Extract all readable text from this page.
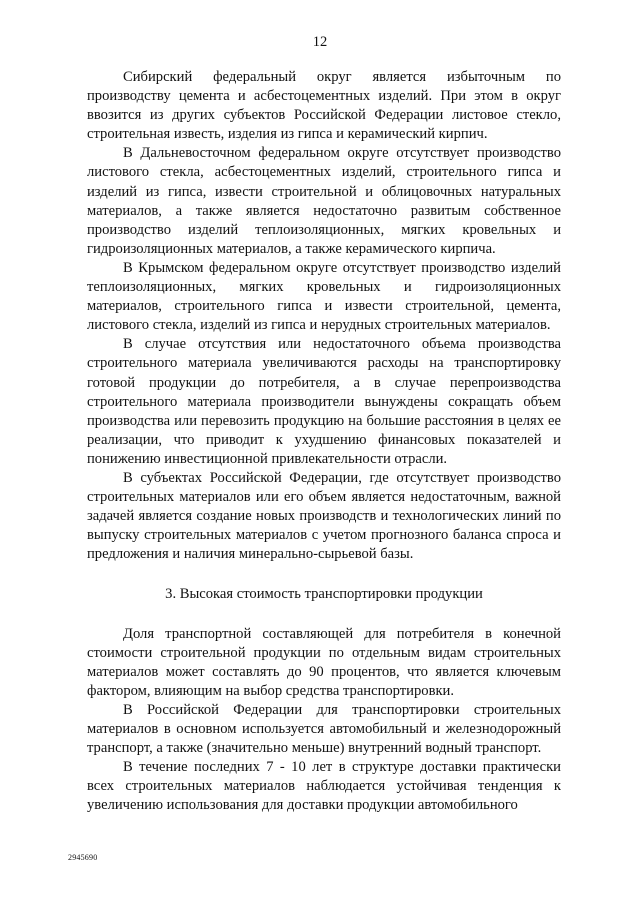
12

Сибирский федеральный округ является избыточным по производству цемента и асбестоцементных изделий. При этом в округ ввозится из других субъектов Российской Федерации листовое стекло, строительная известь, изделия из гипса и керамический кирпич.

В Дальневосточном федеральном округе отсутствует производство листового стекла, асбестоцементных изделий, строительного гипса и изделий из гипса, извести строительной и облицовочных натуральных материалов, а также является недостаточно развитым собственное производство изделий теплоизоляционных, мягких кровельных и гидроизоляционных материалов, а также керамического кирпича.

В Крымском федеральном округе отсутствует производство изделий теплоизоляционных, мягких кровельных и гидроизоляционных материалов, строительного гипса и извести строительной, цемента, листового стекла, изделий из гипса и нерудных строительных материалов.

В случае отсутствия или недостаточного объема производства строительного материала увеличиваются расходы на транспортировку готовой продукции до потребителя, а в случае перепроизводства строительного материала производители вынуждены сокращать объем производства или перевозить продукцию на большие расстояния в целях ее реализации, что приводит к ухудшению финансовых показателей и понижению инвестиционной привлекательности отрасли.

В субъектах Российской Федерации, где отсутствует производство строительных материалов или его объем является недостаточным, важной задачей является создание новых производств и технологических линий по выпуску строительных материалов с учетом прогнозного баланса спроса и предложения и наличия минерально-сырьевой базы.

3. Высокая стоимость транспортировки продукции

Доля транспортной составляющей для потребителя в конечной стоимости строительной продукции по отдельным видам строительных материалов может составлять до 90 процентов, что является ключевым фактором, влияющим на выбор средства транспортировки.

В Российской Федерации для транспортировки строительных материалов в основном используется автомобильный и железнодорожный транспорт, а также (значительно меньше) внутренний водный транспорт.

В течение последних 7 - 10 лет в структуре доставки практически всех строительных материалов наблюдается устойчивая тенденция к увеличению использования для доставки продукции автомобильного

2945690
